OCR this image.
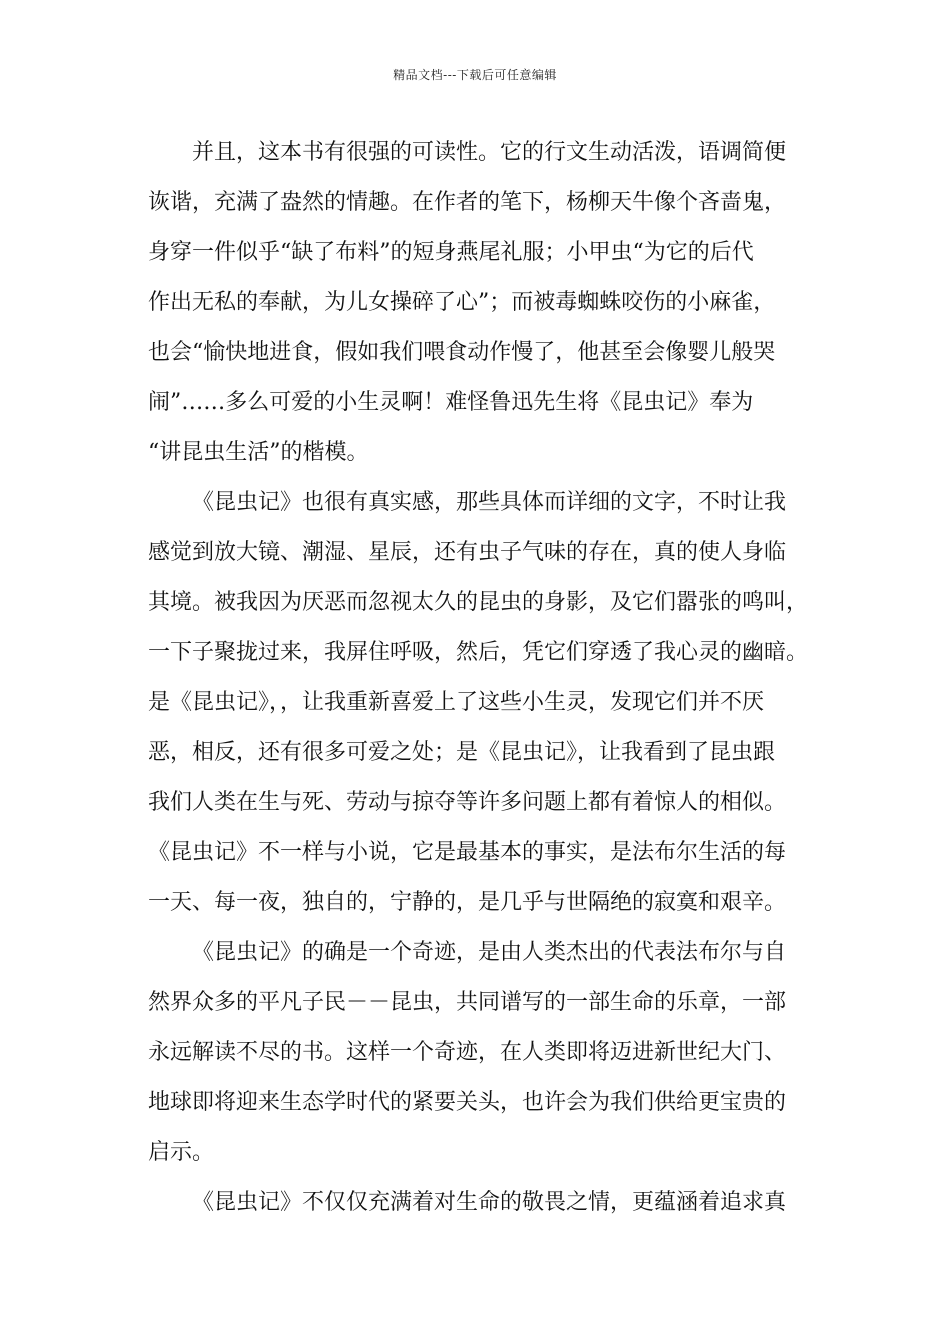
精品文档---下载后可任意编辑
并且，这本书有很强的可读性。它的行文生动活泼，语调简便
诙谐，充满了盎然的情趣。在作者的笔下，杨柳天牛像个吝啬鬼，
身穿一件似乎“缺了布料”的短身燕尾礼服；小甲虫“为它的后代
作出无私的奉献，为儿女操碎了心”；而被毒蜘蛛咬伤的小麻雀，
也会“愉快地进食，假如我们喂食动作慢了，他甚至会像婴儿般哭
闹”……多么可爱的小生灵啊！难怪鲁迅先生将《昆虫记》奉为
“讲昆虫生活”的楷模。
《昆虫记》也很有真实感，那些具体而详细的文字，不时让我
感觉到放大镜、潮湿、星辰，还有虫子气味的存在，真的使人身临
其境。被我因为厌恶而忽视太久的昆虫的身影，及它们嚣张的鸣叫，
一下子聚拢过来，我屏住呼吸，然后，凭它们穿透了我心灵的幽暗。
是《昆虫记》，，让我重新喜爱上了这些小生灵，发现它们并不厌
恶，相反，还有很多可爱之处；是《昆虫记》，让我看到了昆虫跟
我们人类在生与死、劳动与掠夺等许多问题上都有着惊人的相似。
《昆虫记》不一样与小说，它是最基本的事实，是法布尔生活的每
一天、每一夜，独自的，宁静的，是几乎与世隔绝的寂寞和艰辛。
《昆虫记》的确是一个奇迹，是由人类杰出的代表法布尔与自
然界众多的平凡子民－－昆虫，共同谱写的一部生命的乐章，一部
永远解读不尽的书。这样一个奇迹，在人类即将迈进新世纪大门、
地球即将迎来生态学时代的紧要关头，也许会为我们供给更宝贵的
启示。
《昆虫记》不仅仅充满着对生命的敬畏之情，更蕴涵着追求真
